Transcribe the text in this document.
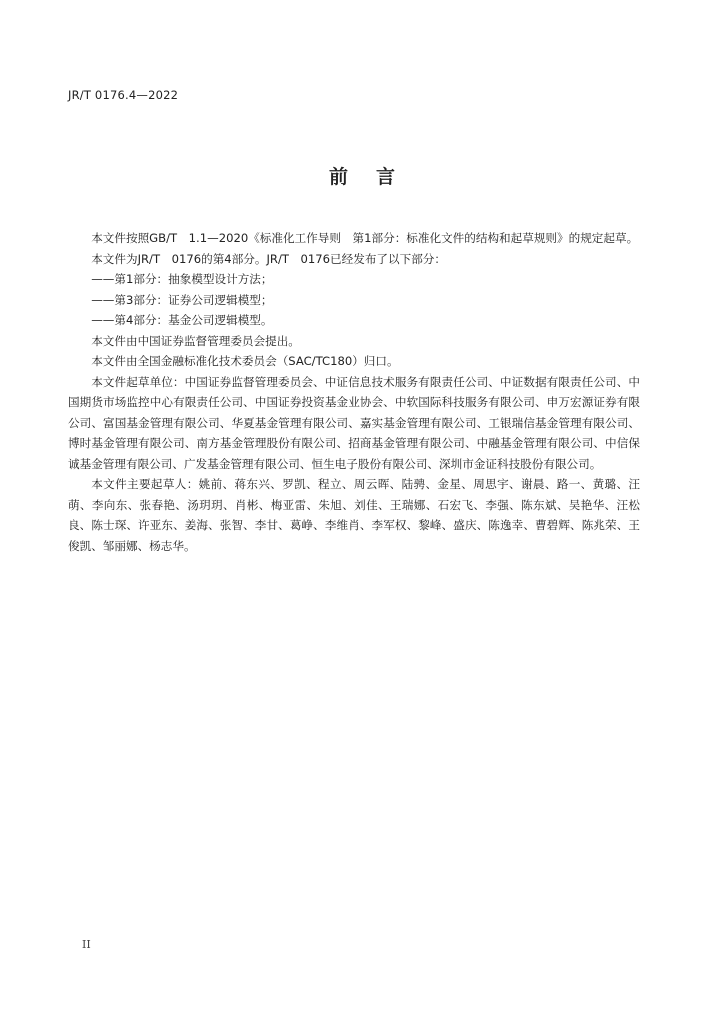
JR/T 0176.4—2022
前言

本文件按照GB/T　1.1—2020《标准化工作导则　第1部分：标准化文件的结构和起草规则》的规定起草。

本文件为JR/T　0176的第4部分。JR/T　0176已经发布了以下部分：

——第1部分：抽象模型设计方法；

——第3部分：证券公司逻辑模型；

——第4部分：基金公司逻辑模型。

本文件由中国证券监督管理委员会提出。

本文件由全国金融标准化技术委员会（SAC/TC180）归口。

本文件起草单位：中国证券监督管理委员会、中证信息技术服务有限责任公司、中证数据有限责任公司、中国期货市场监控中心有限责任公司、中国证券投资基金业协会、中软国际科技服务有限公司、申万宏源证券有限公司、富国基金管理有限公司、华夏基金管理有限公司、嘉实基金管理有限公司、工银瑞信基金管理有限公司、博时基金管理有限公司、南方基金管理股份有限公司、招商基金管理有限公司、中融基金管理有限公司、中信保诚基金管理有限公司、广发基金管理有限公司、恒生电子股份有限公司、深圳市金证科技股份有限公司。

本文件主要起草人：姚前、蒋东兴、罗凯、程立、周云晖、陆骋、金星、周思宇、谢晨、路一、黄璐、汪萌、李向东、张春艳、汤玥玥、肖彬、梅亚雷、朱旭、刘佳、王瑞娜、石宏飞、李强、陈东斌、吴艳华、汪松良、陈士琛、许亚东、姜海、张智、李甘、葛峥、李维肖、李军权、黎峰、盛庆、陈逸幸、曹碧辉、陈兆荣、王俊凯、邹丽娜、杨志华。

II
